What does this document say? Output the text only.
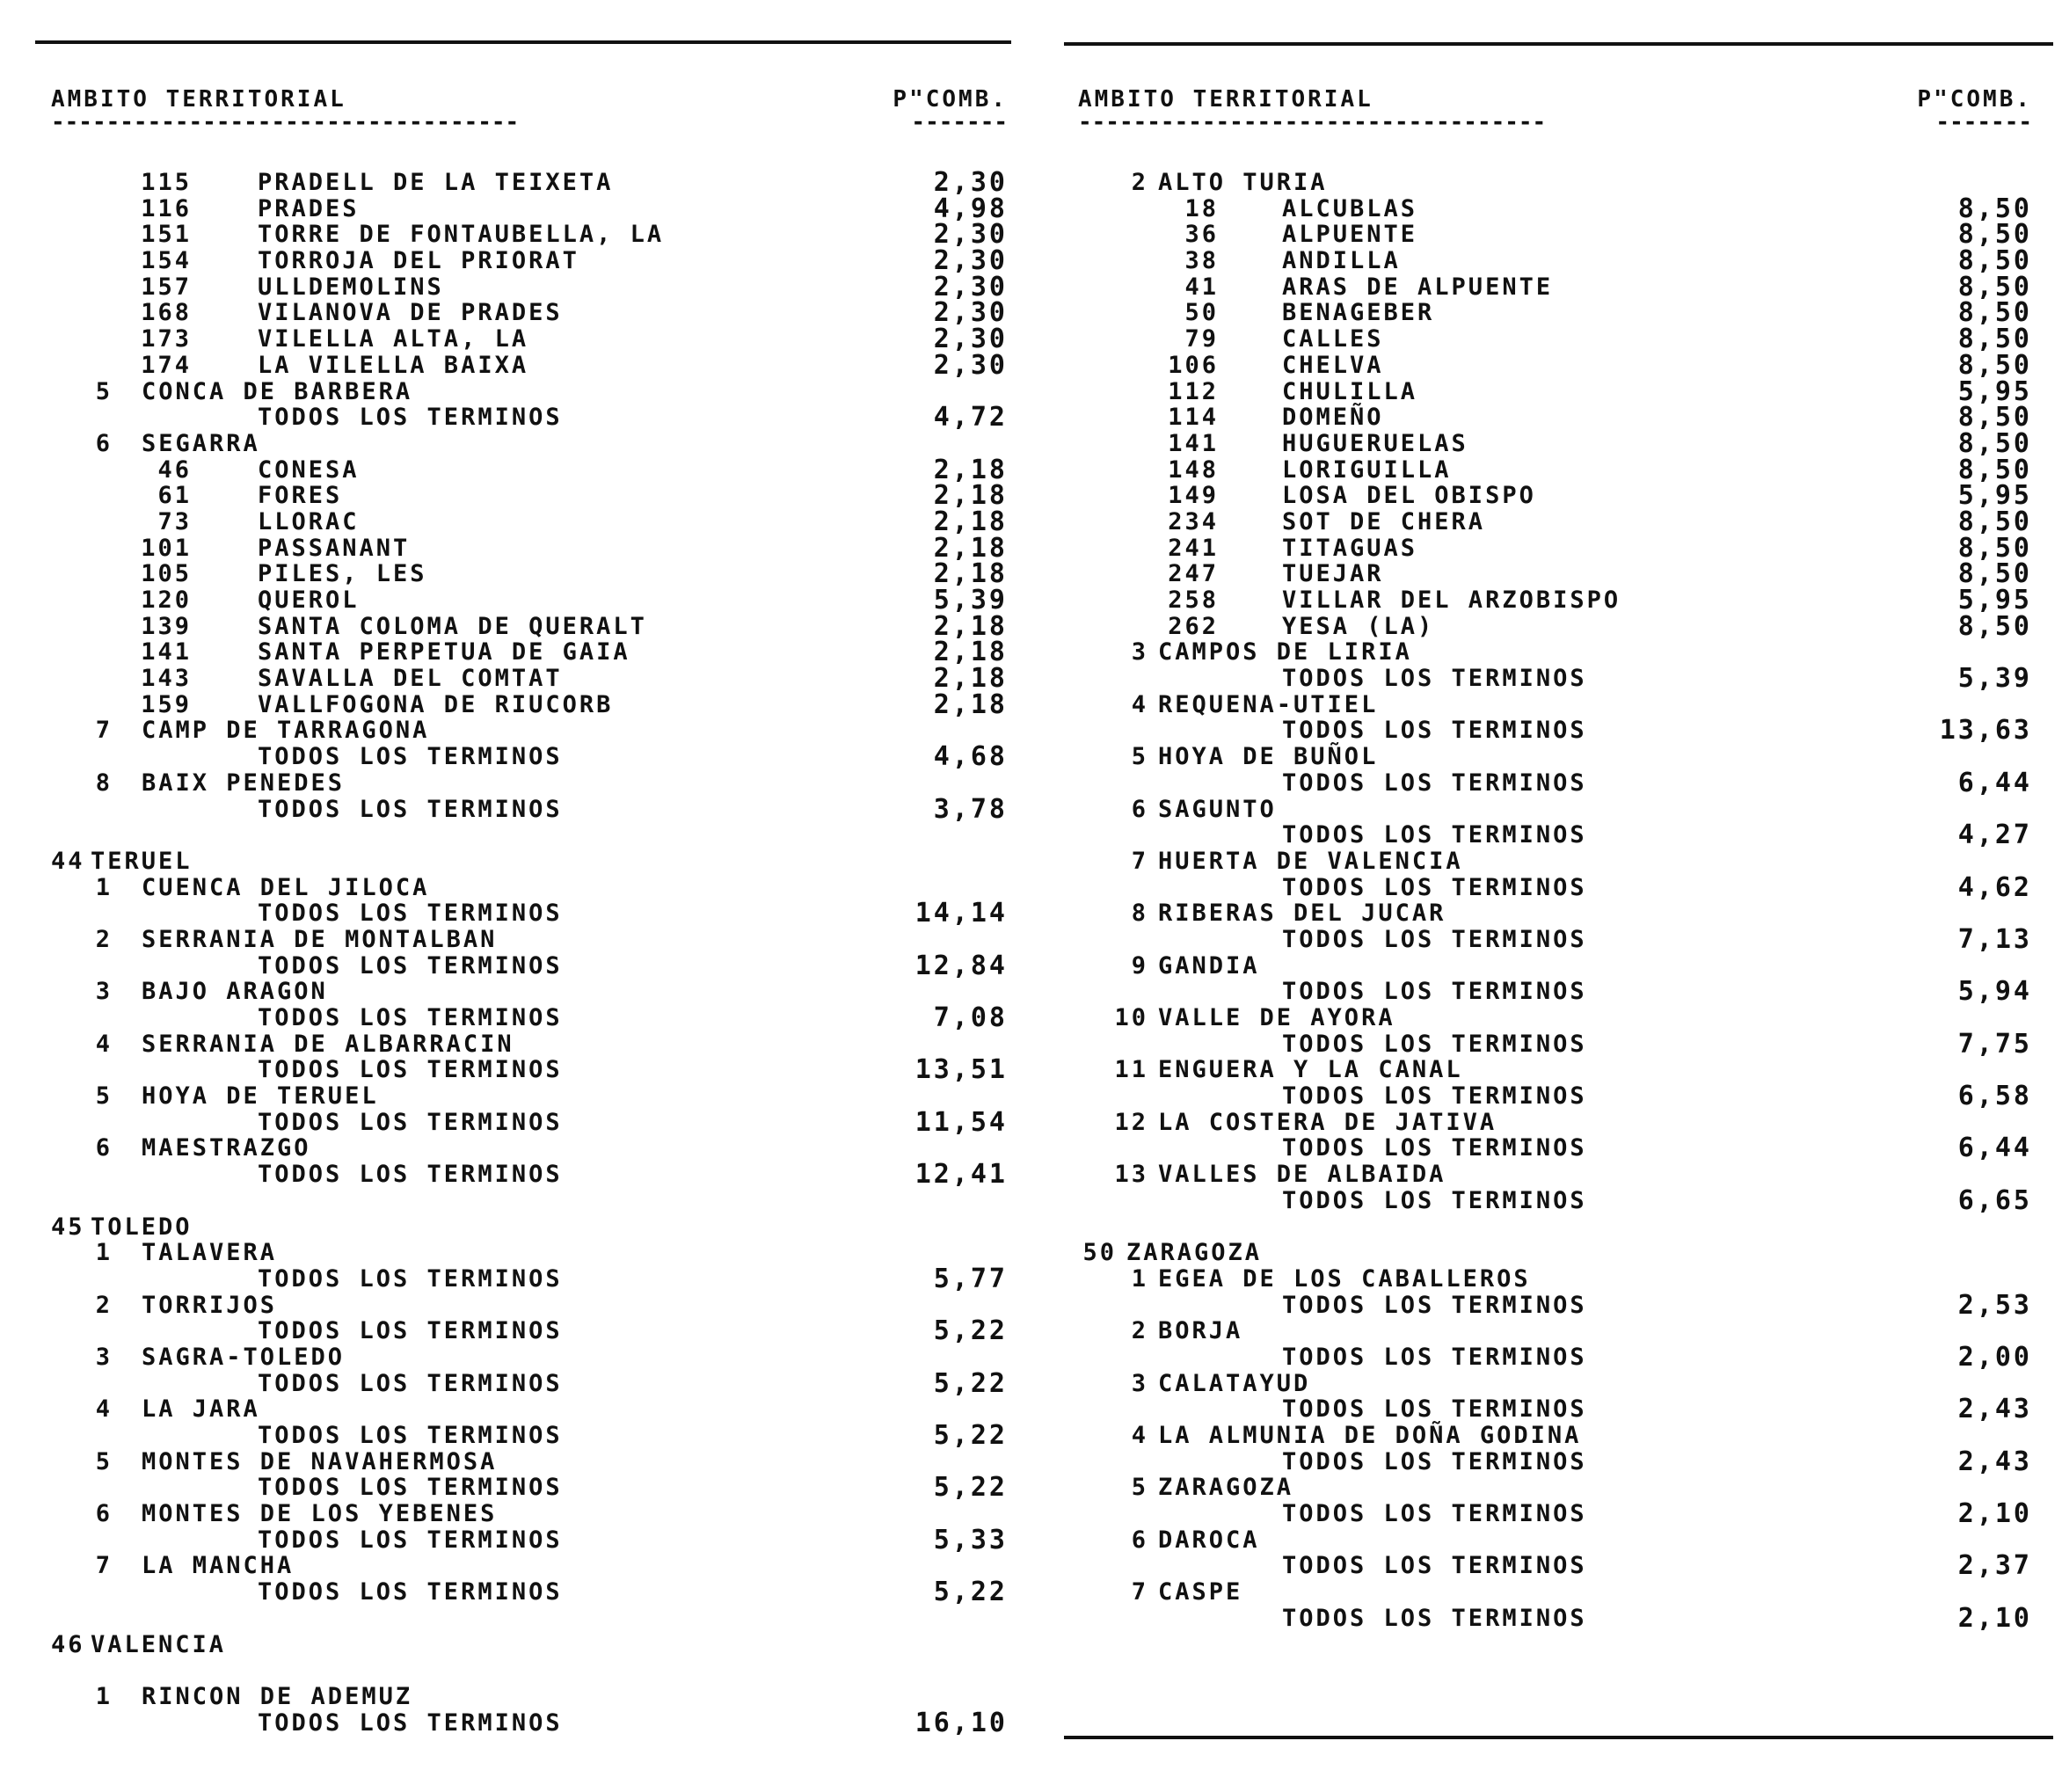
AMBITO TERRITORIAL	P"COMB.
----------------------------------	-------
115	PRADELL DE LA TEIXETA	2,30
116	PRADES	4,98
151	TORRE DE FONTAUBELLA, LA	2,30
154	TORROJA DEL PRIORAT	2,30
157	ULLDEMOLINS	2,30
168	VILANOVA DE PRADES	2,30
173	VILELLA ALTA, LA	2,30
174	LA VILELLA BAIXA	2,30
5 CONCA DE BARBERA
TODOS LOS TERMINOS	4,72
6 SEGARRA
46	CONESA	2,18
61	FORES	2,18
73	LLORAC	2,18
101	PASSANANT	2,18
105	PILES, LES	2,18
120	QUEROL	5,39
139	SANTA COLOMA DE QUERALT	2,18
141	SANTA PERPETUA DE GAIA	2,18
143	SAVALLA DEL COMTAT	2,18
159	VALLFOGONA DE RIUCORB	2,18
7 CAMP DE TARRAGONA
TODOS LOS TERMINOS	4,68
8 BAIX PENEDES
TODOS LOS TERMINOS	3,78
44 TERUEL
1 CUENCA DEL JILOCA
TODOS LOS TERMINOS	14,14
2 SERRANIA DE MONTALBAN
TODOS LOS TERMINOS	12,84
3 BAJO ARAGON
TODOS LOS TERMINOS	7,08
4 SERRANIA DE ALBARRACIN
TODOS LOS TERMINOS	13,51
5 HOYA DE TERUEL
TODOS LOS TERMINOS	11,54
6 MAESTRAZGO
TODOS LOS TERMINOS	12,41
45 TOLEDO
1 TALAVERA
TODOS LOS TERMINOS	5,77
2 TORRIJOS
TODOS LOS TERMINOS	5,22
3 SAGRA-TOLEDO
TODOS LOS TERMINOS	5,22
4 LA JARA
TODOS LOS TERMINOS	5,22
5 MONTES DE NAVAHERMOSA
TODOS LOS TERMINOS	5,22
6 MONTES DE LOS YEBENES
TODOS LOS TERMINOS	5,33
7 LA MANCHA
TODOS LOS TERMINOS	5,22
46 VALENCIA
1 RINCON DE ADEMUZ
TODOS LOS TERMINOS	16,10
AMBITO TERRITORIAL	P"COMB.
----------------------------------	-------
2 ALTO TURIA
18	ALCUBLAS	8,50
36	ALPUENTE	8,50
38	ANDILLA	8,50
41	ARAS DE ALPUENTE	8,50
50	BENAGEBER	8,50
79	CALLES	8,50
106	CHELVA	8,50
112	CHULILLA	5,95
114	DOMEÑO	8,50
141	HUGUERUELAS	8,50
148	LORIGUILLA	8,50
149	LOSA DEL OBISPO	5,95
234	SOT DE CHERA	8,50
241	TITAGUAS	8,50
247	TUEJAR	8,50
258	VILLAR DEL ARZOBISPO	5,95
262	YESA (LA)	8,50
3 CAMPOS DE LIRIA
TODOS LOS TERMINOS	5,39
4 REQUENA-UTIEL
TODOS LOS TERMINOS	13,63
5 HOYA DE BUÑOL
TODOS LOS TERMINOS	6,44
6 SAGUNTO
TODOS LOS TERMINOS	4,27
7 HUERTA DE VALENCIA
TODOS LOS TERMINOS	4,62
8 RIBERAS DEL JUCAR
TODOS LOS TERMINOS	7,13
9 GANDIA
TODOS LOS TERMINOS	5,94
10 VALLE DE AYORA
TODOS LOS TERMINOS	7,75
11 ENGUERA Y LA CANAL
TODOS LOS TERMINOS	6,58
12 LA COSTERA DE JATIVA
TODOS LOS TERMINOS	6,44
13 VALLES DE ALBAIDA
TODOS LOS TERMINOS	6,65
50 ZARAGOZA
1 EGEA DE LOS CABALLEROS
TODOS LOS TERMINOS	2,53
2 BORJA
TODOS LOS TERMINOS	2,00
3 CALATAYUD
TODOS LOS TERMINOS	2,43
4 LA ALMUNIA DE DOÑA GODINA
TODOS LOS TERMINOS	2,43
5 ZARAGOZA
TODOS LOS TERMINOS	2,10
6 DAROCA
TODOS LOS TERMINOS	2,37
7 CASPE
TODOS LOS TERMINOS	2,10
